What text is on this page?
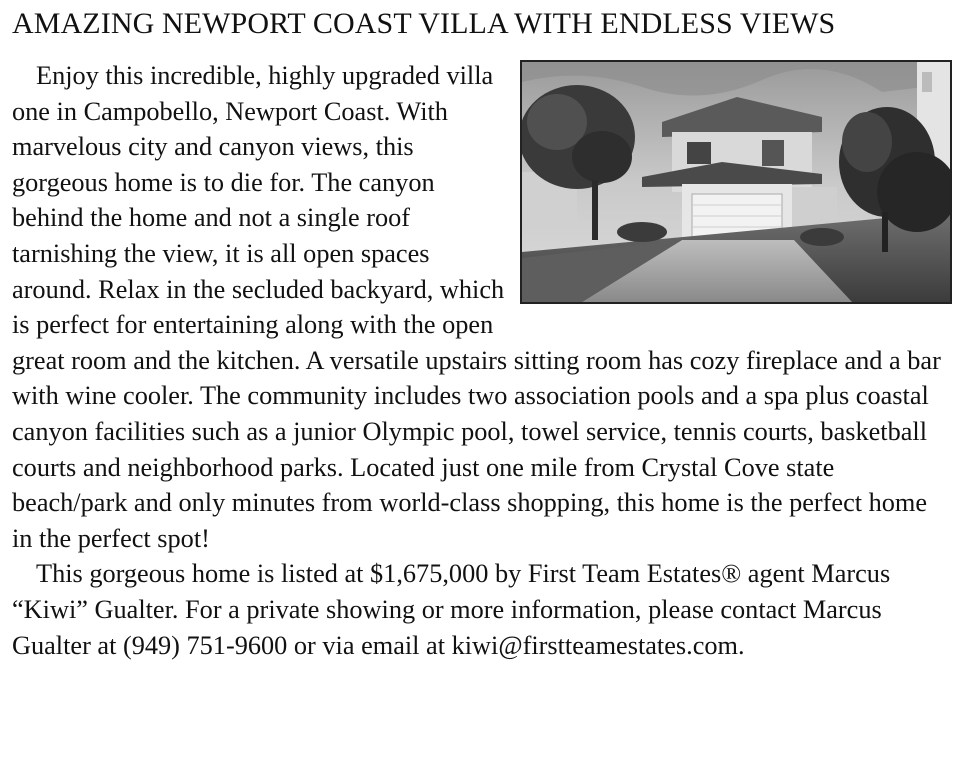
AMAZING NEWPORT COAST VILLA WITH ENDLESS VIEWS

Enjoy this incredible, highly upgraded villa one in Campobello, Newport Coast. With marvelous city and canyon views, this gorgeous home is to die for. The canyon behind the home and not a single roof tarnishing the view, it is all open spaces around. Relax in the secluded backyard, which is perfect for entertaining along with the open great room and the kitchen. A versatile upstairs sitting room has cozy fireplace and a bar with wine cooler. The community includes two association pools and a spa plus coastal canyon facilities such as a junior Olympic pool, towel service, tennis courts, basketball courts and neighborhood parks. Located just one mile from Crystal Cove state beach/park and only minutes from world-class shopping, this home is the perfect home in the perfect spot!

This gorgeous home is listed at $1,675,000 by First Team Estates® agent Marcus “Kiwi” Gualter. For a private showing or more information, please contact Marcus Gualter at (949) 751-9600 or via email at kiwi@firstteamestates.com.
